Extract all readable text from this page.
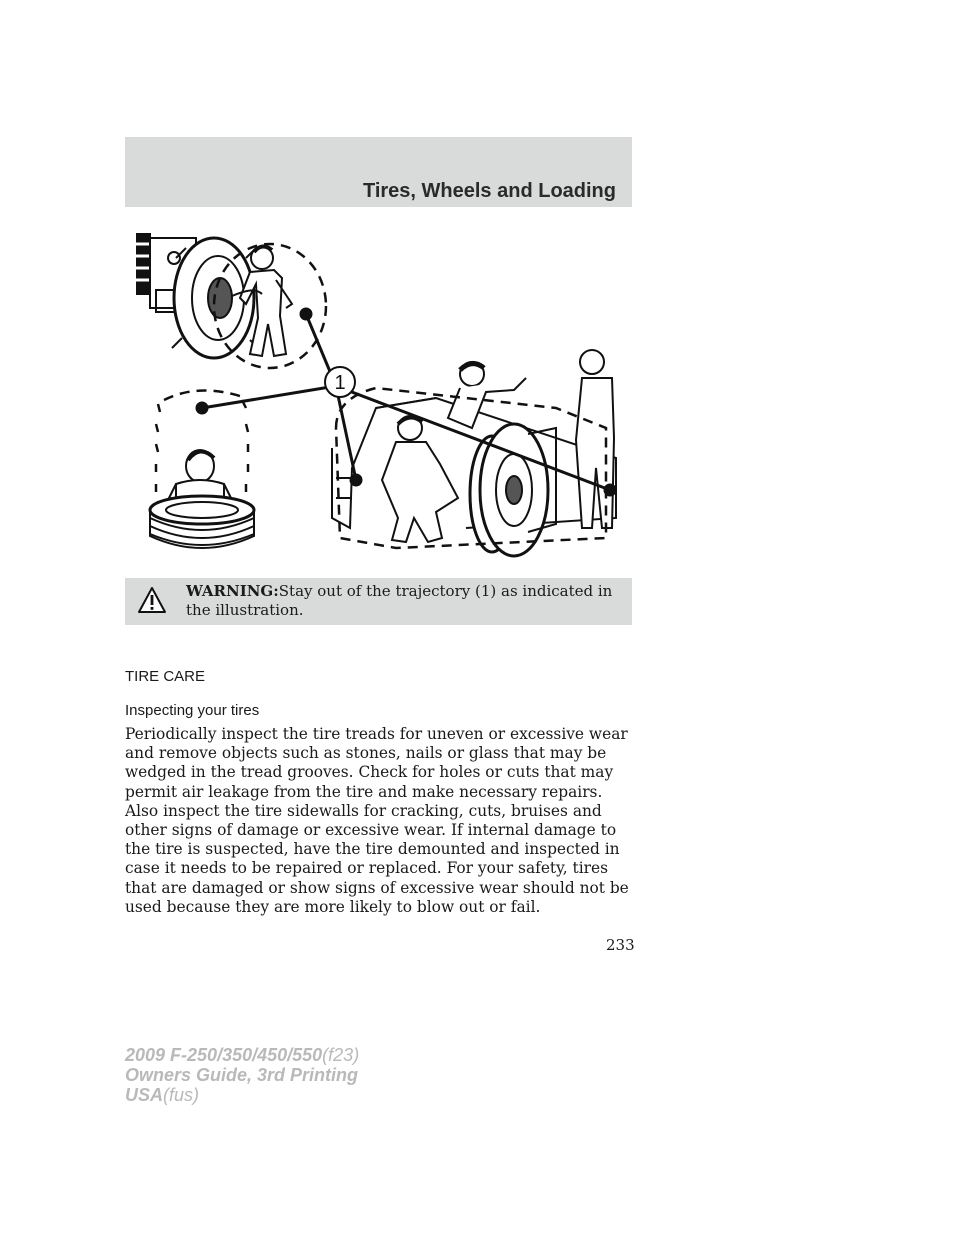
Tires, Wheels and Loading
1
WARNING:Stay out of the trajectory (1) as indicated in the illustration.
TIRE CARE
Inspecting your tires
Periodically inspect the tire treads for uneven or excessive wear and remove objects such as stones, nails or glass that may be wedged in the tread grooves. Check for holes or cuts that may permit air leakage from the tire and make necessary repairs. Also inspect the tire sidewalls for cracking, cuts, bruises and other signs of damage or excessive wear. If internal damage to the tire is suspected, have the tire demounted and inspected in case it needs to be repaired or replaced. For your safety, tires that are damaged or show signs of excessive wear should not be used because they are more likely to blow out or fail.
233
2009 F-250/350/450/550(f23)
Owners Guide, 3rd Printing
USA(fus)
